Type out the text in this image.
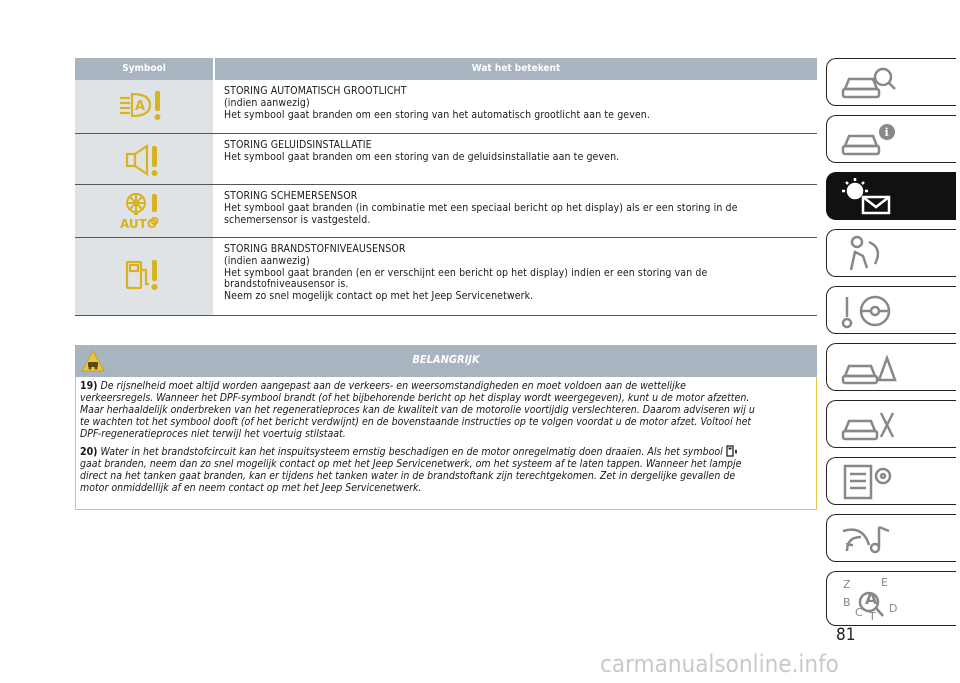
Symbool	Wat het betekent
A
STORING AUTOMATISCH GROOTLICHT
(indien aanwezig)
Het symbool gaat branden om een storing van het automatisch grootlicht aan te geven.
STORING GELUIDSINSTALLATIE
Het symbool gaat branden om een storing van de geluidsinstallatie aan te geven.
AUTO
STORING SCHEMERSENSOR
Het symbool gaat branden (in combinatie met een speciaal bericht op het display) als er een storing in de
schemersensor is vastgesteld.
STORING BRANDSTOFNIVEAUSENSOR
(indien aanwezig)
Het symbool gaat branden (en er verschijnt een bericht op het display) indien er een storing van de
brandstofniveausensor is.
Neem zo snel mogelijk contact op met het Jeep Servicenetwerk.
BELANGRIJK

19) De rijsnelheid moet altijd worden aangepast aan de verkeers- en weersomstandigheden en moet voldoen aan de wettelijke
verkeersregels. Wanneer het DPF-symbool brandt (of het bijbehorende bericht op het display wordt weergegeven), kunt u de motor afzetten.
Maar herhaaldelijk onderbreken van het regeneratieproces kan de kwaliteit van de motorolie voortijdig verslechteren. Daarom adviseren wij u
te wachten tot het symbool dooft (of het bericht verdwijnt) en de bovenstaande instructies op te volgen voordat u de motor afzet. Voltooi het
DPF-regeneratieproces niet terwijl het voertuig stilstaat.

20) Water in het brandstofcircuit kan het inspuitsysteem ernstig beschadigen en de motor onregelmatig doen draaien. Als het symbool
gaat branden, neem dan zo snel mogelijk contact op met het Jeep Servicenetwerk, om het systeem af te laten tappen. Wanneer het lampje
direct na het tanken gaat branden, kan er tijdens het tanken water in de brandstoftank zijn terechtgekomen. Zet in dergelijke gevallen de
motor onmiddellijk af en neem contact op met het Jeep Servicenetwerk.

i
Z	E
B
C T
D
A
81
carmanualsonline.info
